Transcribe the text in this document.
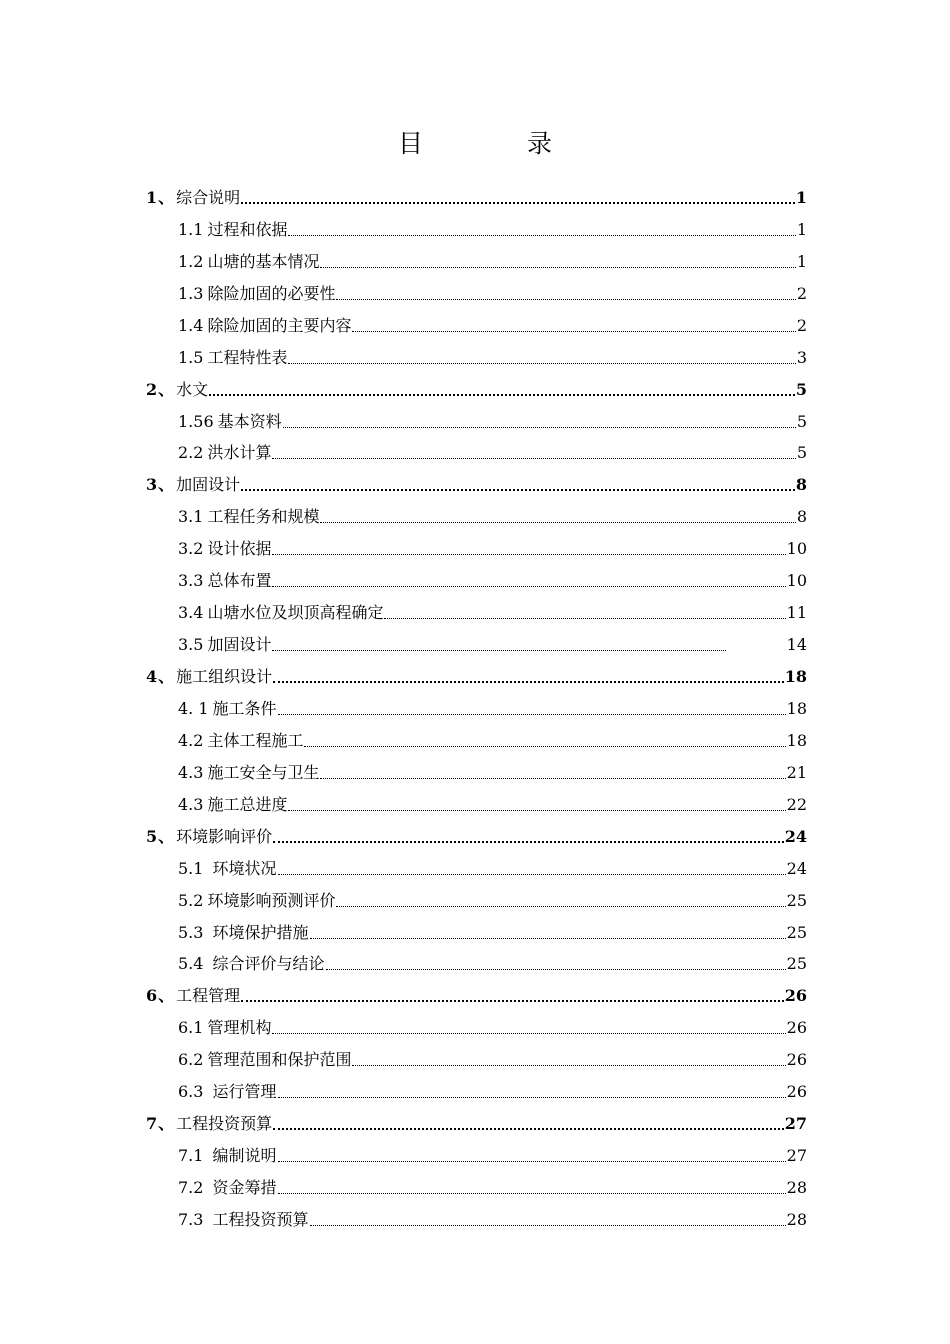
目 录
1 、 综合说明	1
1.1 过程和依据	1
1.2 山塘的基本情况	1
1.3 除险加固的必要性	2
1.4 除险加固的主要内容	2
1.5 工程特性表	3
2 、 水文	5
1.56 基本资料	5
2.2 洪水计算	5
3 、 加固设计	8
3.1 工程任务和规模	8
3.2 设计依据	10
3.3 总体布置	10
3.4 山塘水位及坝顶高程确定	11
3.5 加固设计	14
4 、 施工组织设计	18
4. 1 施工条件	18
4.2 主体工程施工	18
4.3 施工安全与卫生	21
4.3 施工总进度	22
5 、 环境影响评价	24
5.1 环境状况	24
5.2 环境影响预测评价	25
5.3 环境保护措施	25
5.4 综合评价与结论	25
6 、 工程管理	26
6.1 管理机构	26
6.2 管理范围和保护范围	26
6.3 运行管理	26
7 、 工程投资预算	27
7.1 编制说明	27
7.2 资金筹措	28
7.3 工程投资预算	28
